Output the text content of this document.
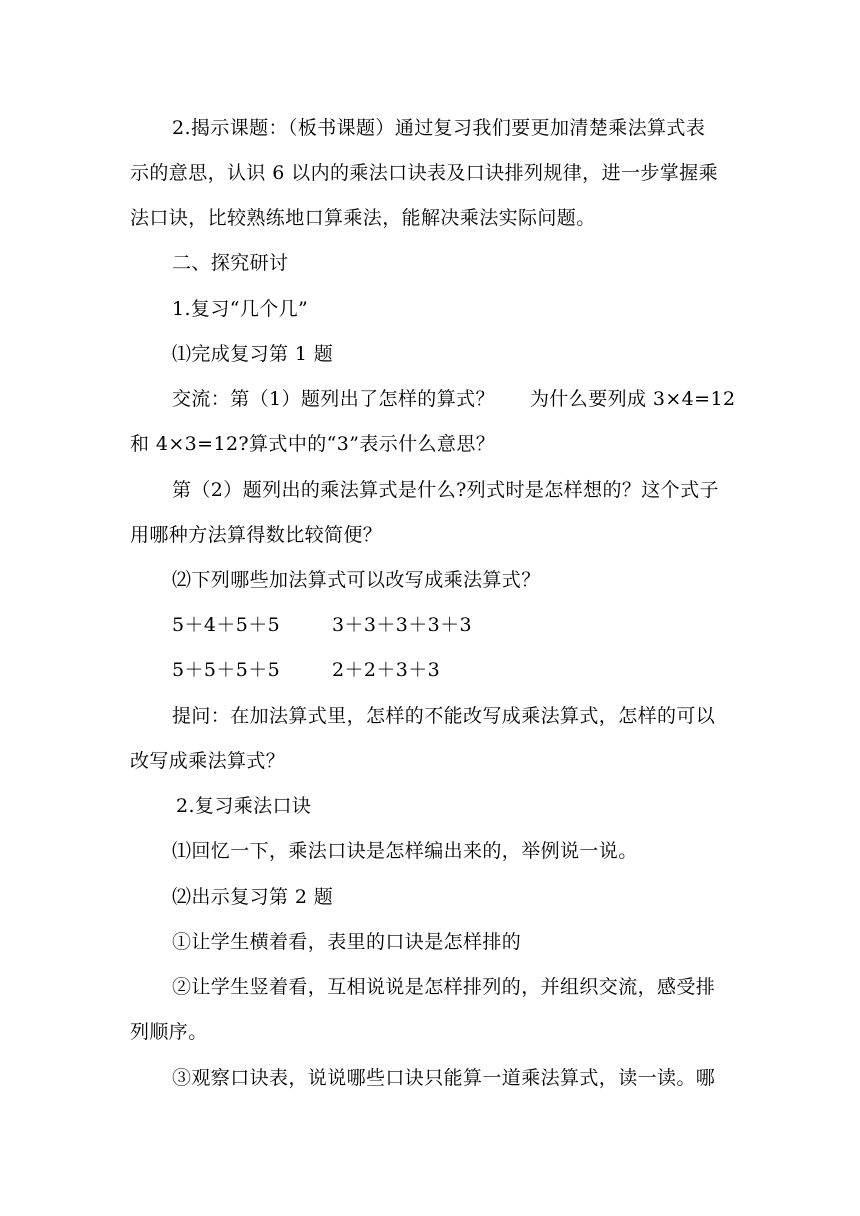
2.揭示课题：（板书课题）通过复习我们要更加清楚乘法算式表
示的意思，认识 6 以内的乘法口诀表及口诀排列规律，进一步掌握乘
法口诀，比较熟练地口算乘法，能解决乘法实际问题。
二、探究研讨
1.复习“几个几”
⑴完成复习第 1 题
交流：第（1）题列出了怎样的算式？ 为什么要列成 3×4=12
和 4×3=12?算式中的“3”表示什么意思？
第（2）题列出的乘法算式是什么?列式时是怎样想的？这个式子
用哪种方法算得数比较简便？
⑵下列哪些加法算式可以改写成乘法算式？
5＋4＋5＋5	3＋3＋3＋3＋3
5＋5＋5＋5	2＋2＋3＋3
提问：在加法算式里，怎样的不能改写成乘法算式，怎样的可以
改写成乘法算式？
2.复习乘法口诀
⑴回忆一下，乘法口诀是怎样编出来的，举例说一说。
⑵出示复习第 2 题
①让学生横着看，表里的口诀是怎样排的
②让学生竖着看，互相说说是怎样排列的，并组织交流，感受排
列顺序。
③观察口诀表，说说哪些口诀只能算一道乘法算式，读一读。哪
